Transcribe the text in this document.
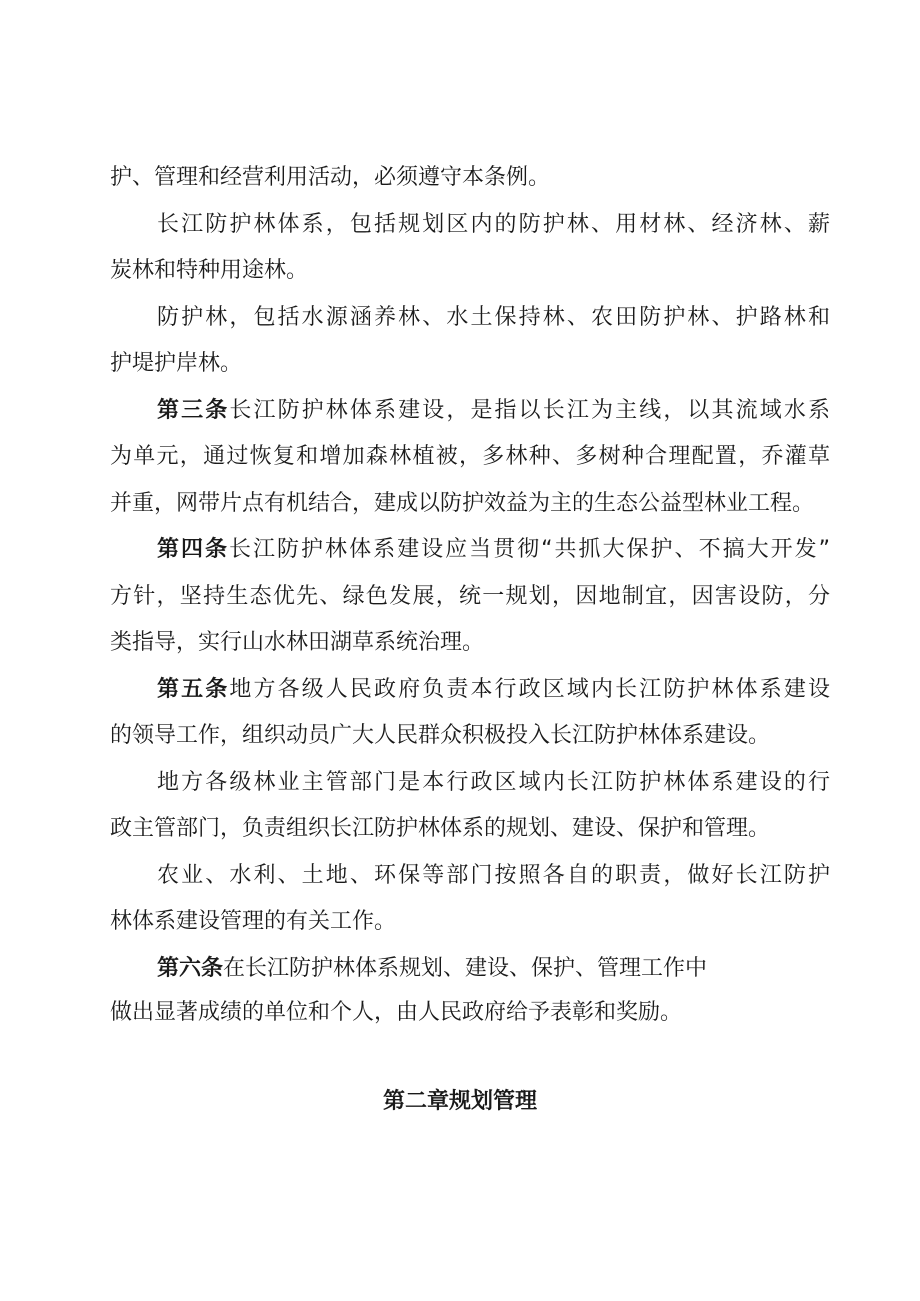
护、管理和经营利用活动，必须遵守本条例。
长江防护林体系，包括规划区内的防护林、用材林、经济林、薪
炭林和特种用途林。
防护林，包括水源涵养林、水土保持林、农田防护林、护路林和
护堤护岸林。
第三条长江防护林体系建设，是指以长江为主线，以其流域水系
为单元，通过恢复和增加森林植被，多林种、多树种合理配置，乔灌草
并重，网带片点有机结合，建成以防护效益为主的生态公益型林业工程。
第四条长江防护林体系建设应当贯彻“共抓大保护、不搞大开发”
方针，坚持生态优先、绿色发展，统一规划，因地制宜，因害设防，分
类指导，实行山水林田湖草系统治理。
第五条地方各级人民政府负责本行政区域内长江防护林体系建设
的领导工作，组织动员广大人民群众积极投入长江防护林体系建设。
地方各级林业主管部门是本行政区域内长江防护林体系建设的行
政主管部门，负责组织长江防护林体系的规划、建设、保护和管理。
农业、水利、土地、环保等部门按照各自的职责，做好长江防护
林体系建设管理的有关工作。
第六条在长江防护林体系规划、建设、保护、管理工作中
做出显著成绩的单位和个人，由人民政府给予表彰和奖励。
第二章规划管理
